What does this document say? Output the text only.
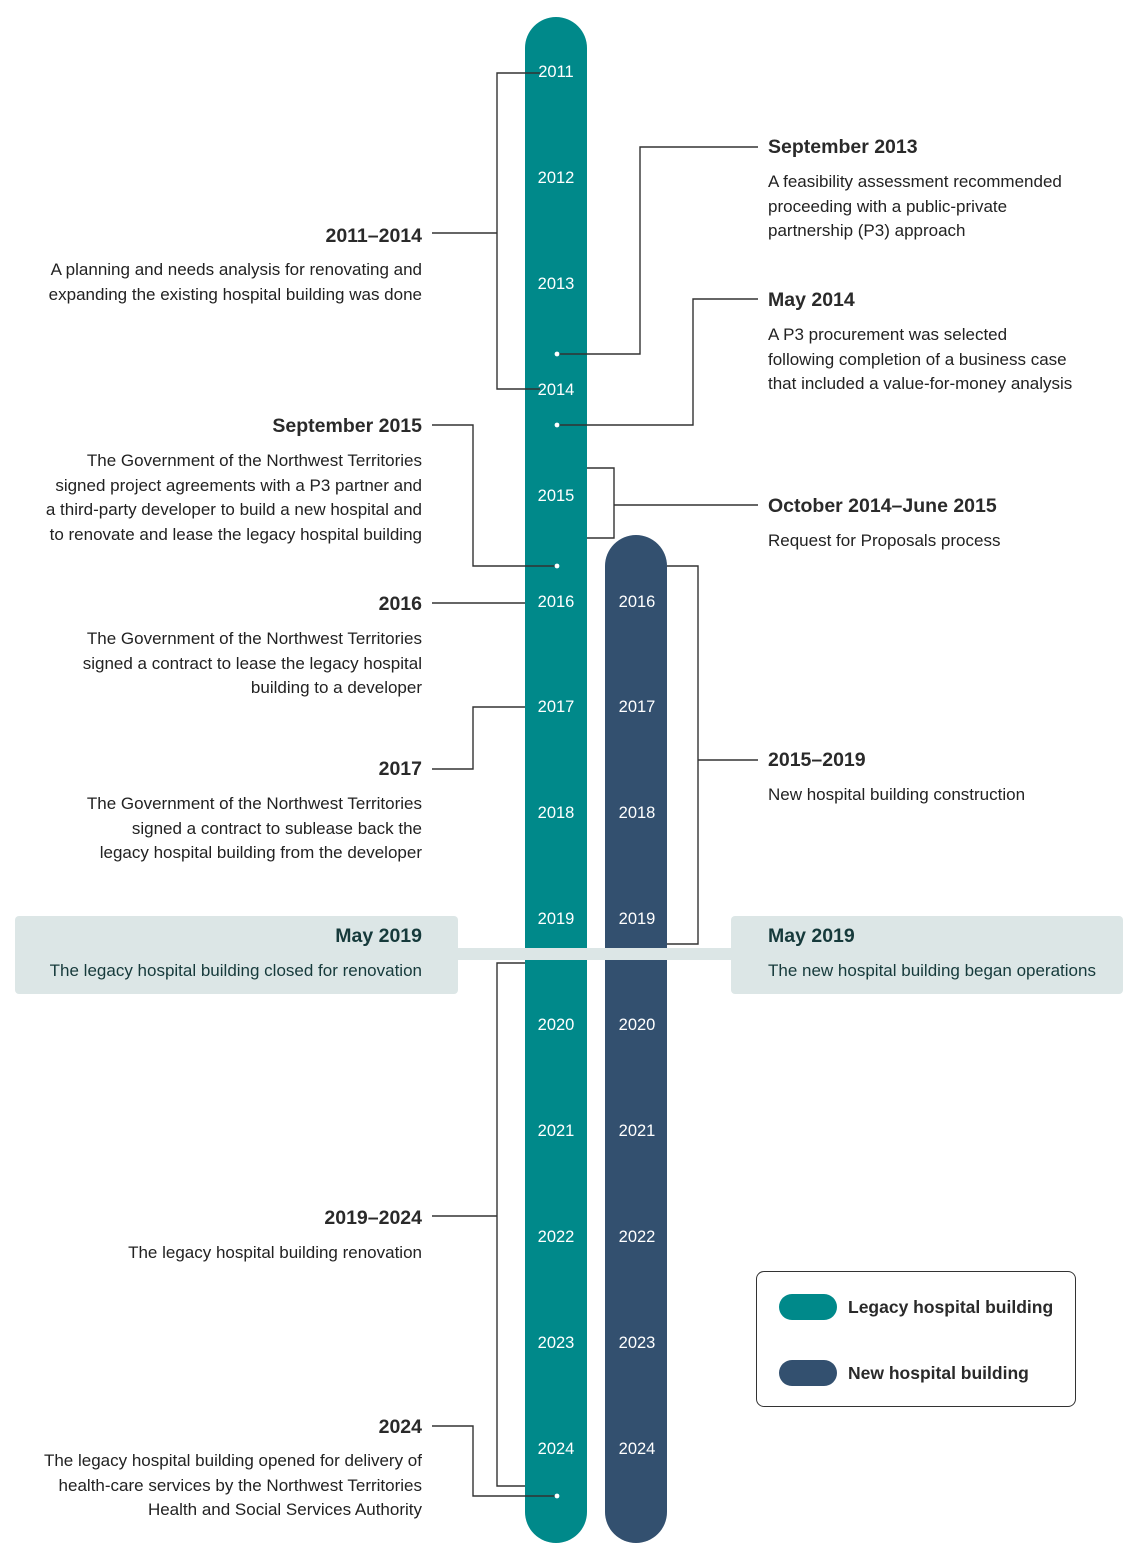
2011
2012
2013
2014
2015
2016
2017
2018
2019
2020
2021
2022
2023
2024
2016
2017
2018
2019
2020
2021
2022
2023
2024
2011–2014
A planning and needs analysis for renovating and
expanding the existing hospital building was done
September 2015
The Government of the Northwest Territories
signed project agreements with a P3 partner and
a third-party developer to build a new hospital and
to renovate and lease the legacy hospital building
2016
The Government of the Northwest Territories
signed a contract to lease the legacy hospital
building to a developer
2017
The Government of the Northwest Territories
signed a contract to sublease back the
legacy hospital building from the developer
May 2019
The legacy hospital building closed for renovation
2019–2024
The legacy hospital building renovation
2024
The legacy hospital building opened for delivery of
health-care services by the Northwest Territories
Health and Social Services Authority
September 2013
A feasibility assessment recommended
proceeding with a public-private
partnership (P3) approach
May 2014
A P3 procurement was selected
following completion of a business case
that included a value-for-money analysis
October 2014–June 2015
Request for Proposals process
2015–2019
New hospital building construction
May 2019
The new hospital building began operations
Legacy hospital building
New hospital building
